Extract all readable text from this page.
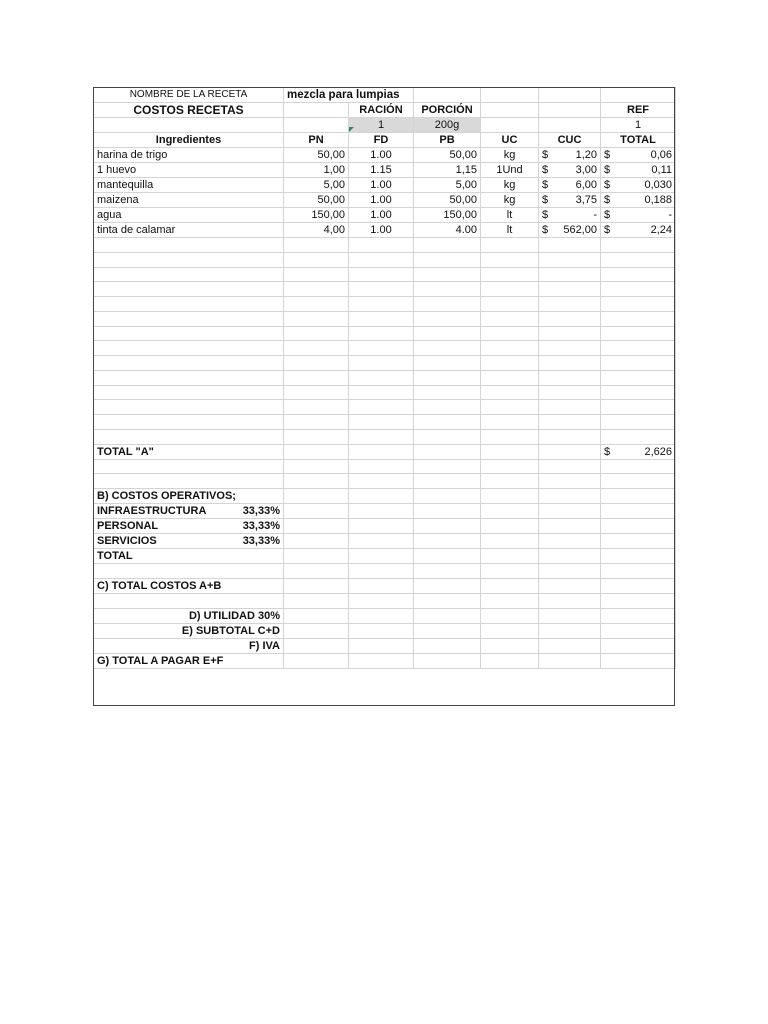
NOMBRE DE LA RECETA	mezcla para lumpias					
COSTOS RECETAS		RACIÓN	PORCIÓN			REF
		1	200g			1
Ingredientes	PN	FD	PB	UC	CUC	TOTAL
harina de trigo	50,00	1.00	50,00	kg	$ 1,20	$ 0,06

1 huevo	1,00	1.15	1,15	1Und	$ 3,00	$ 0,11

mantequilla	5,00	1.00	5,00	kg	$ 6,00	$ 0,030

maizena	50,00	1.00	50,00	kg	$ 3,75	$ 0,188

agua	150,00	1.00	150,00	lt	$ -	$ -

tinta de calamar	4,00	1.00	4.00	lt	$ 562,00	$ 2,24

TOTAL "A"						$ 2,626

B) COSTOS OPERATIVOS;						

INFRAESTRUCTURA 33,33%						

PERSONAL 33,33%						

SERVICIOS 33,33%						

TOTAL						

C) TOTAL COSTOS A+B						

D) UTILIDAD 30%						
E) SUBTOTAL C+D						
F) IVA						
G) TOTAL A PAGAR E+F						
